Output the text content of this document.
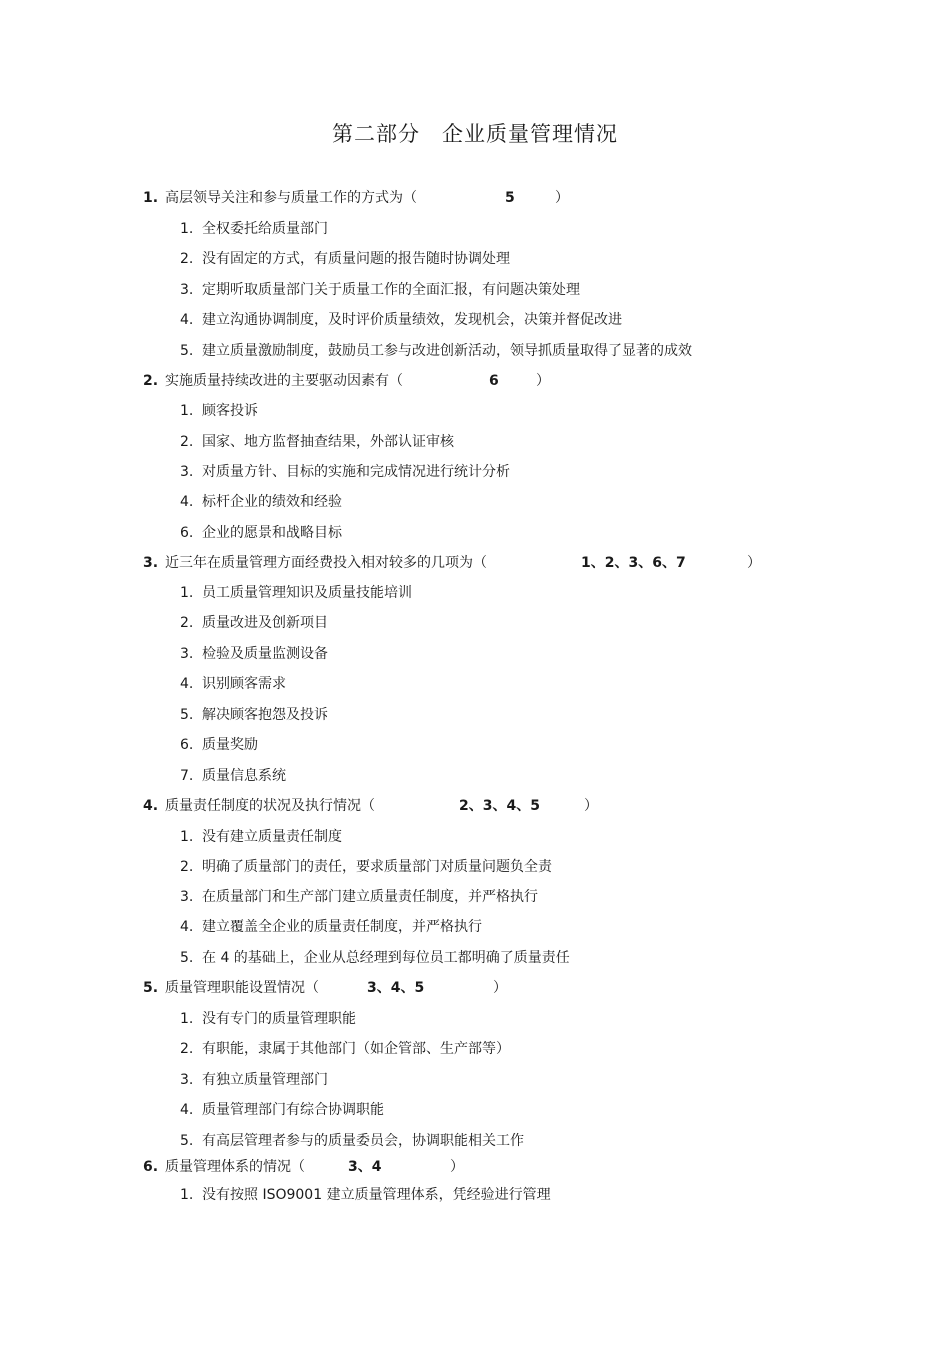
第二部分 企业质量管理情况
1. 高层领导关注和参与质量工作的方式为（	5	）
1. 全权委托给质量部门
2. 没有固定的方式，有质量问题的报告随时协调处理
3. 定期听取质量部门关于质量工作的全面汇报，有问题决策处理
4. 建立沟通协调制度，及时评价质量绩效，发现机会，决策并督促改进
5. 建立质量激励制度，鼓励员工参与改进创新活动，领导抓质量取得了显著的成效
2. 实施质量持续改进的主要驱动因素有（	6	）
1. 顾客投诉
2. 国家、地方监督抽查结果，外部认证审核
3. 对质量方针、目标的实施和完成情况进行统计分析
4. 标杆企业的绩效和经验
6. 企业的愿景和战略目标
3. 近三年在质量管理方面经费投入相对较多的几项为（	1、2、3、6、7	）
1. 员工质量管理知识及质量技能培训
2. 质量改进及创新项目
3. 检验及质量监测设备
4. 识别顾客需求
5. 解决顾客抱怨及投诉
6. 质量奖励
7. 质量信息系统
4. 质量责任制度的状况及执行情况（	2、3、4、5	）
1. 没有建立质量责任制度
2. 明确了质量部门的责任，要求质量部门对质量问题负全责
3. 在质量部门和生产部门建立质量责任制度，并严格执行
4. 建立覆盖全企业的质量责任制度，并严格执行
5. 在 4 的基础上，企业从总经理到每位员工都明确了质量责任
5. 质量管理职能设置情况（	3、4、5	）
1. 没有专门的质量管理职能
2. 有职能，隶属于其他部门（如企管部、生产部等）
3. 有独立质量管理部门
4. 质量管理部门有综合协调职能
5. 有高层管理者参与的质量委员会，协调职能相关工作
6. 质量管理体系的情况（	3、4	）
1. 没有按照 ISO9001 建立质量管理体系，凭经验进行管理
